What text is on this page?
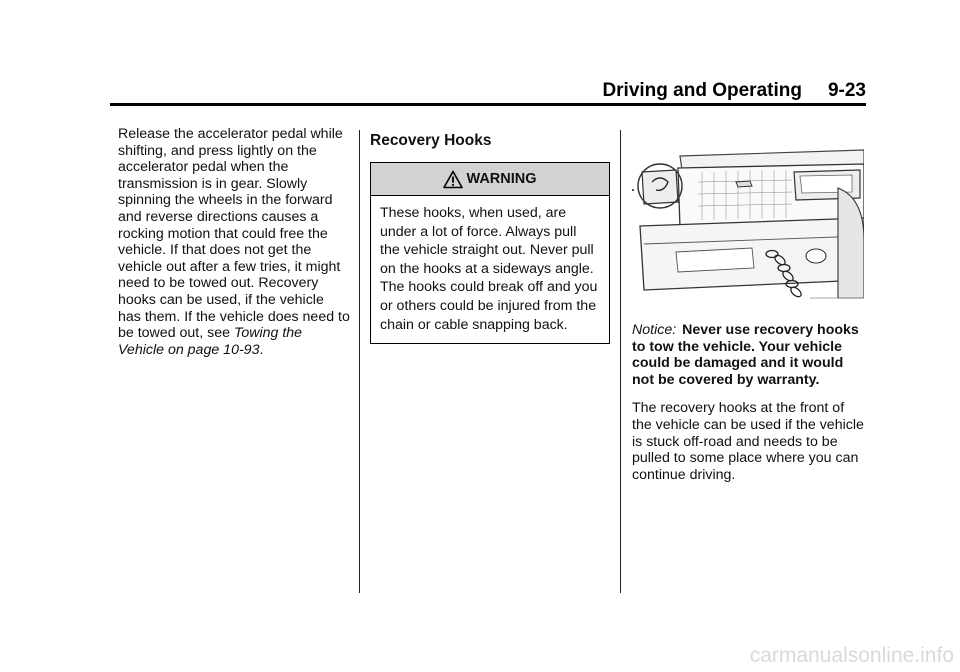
Driving and Operating 9-23
Release the accelerator pedal while shifting, and press lightly on the accelerator pedal when the transmission is in gear. Slowly spinning the wheels in the forward and reverse directions causes a rocking motion that could free the vehicle. If that does not get the vehicle out after a few tries, it might need to be towed out. Recovery hooks can be used, if the vehicle has them. If the vehicle does need to be towed out, see Towing the Vehicle on page 10-93.
Recovery Hooks
WARNING
These hooks, when used, are under a lot of force. Always pull the vehicle straight out. Never pull on the hooks at a sideways angle. The hooks could break off and you or others could be injured from the chain or cable snapping back.	Notice: Never use recovery hooks to tow the vehicle. Your vehicle could be damaged and it would not be covered by warranty.
The recovery hooks at the front of the vehicle can be used if the vehicle is stuck off-road and needs to be pulled to some place where you can continue driving.
carmanualsonline.info
